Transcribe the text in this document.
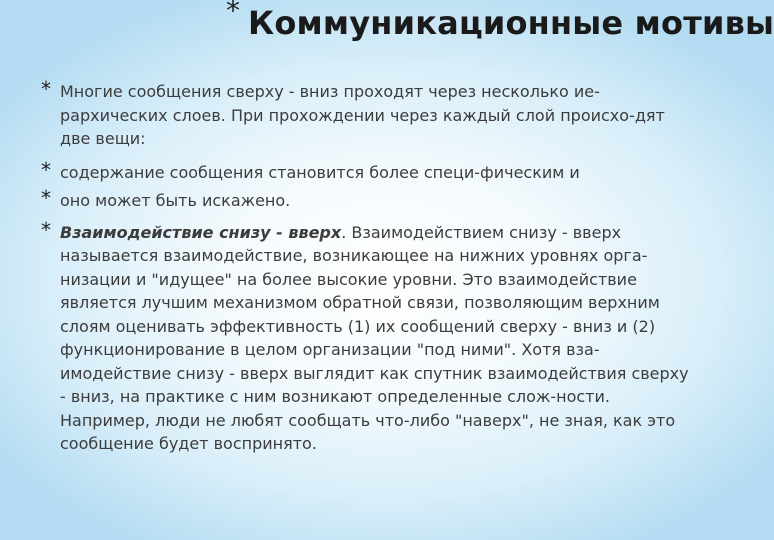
* Коммуникационные мотивы
* Многие сообщения сверху - вниз проходят через несколько ие-рархических слоев. При прохождении через каждый слой происхо-дят две вещи:
* содержание сообщения становится более специ-фическим и
* оно может быть искажено.
* Взаимодействие снизу - вверх. Взаимодействием снизу - вверх называется взаимодействие, возникающее на нижних уровнях орга-низации и "идущее" на более высокие уровни. Это взаимодействие является лучшим механизмом обратной связи, позволяющим верхним слоям оценивать эффективность (1) их сообщений сверху - вниз и (2) функционирование в целом организации "под ними". Хотя вза-имодействие снизу - вверх выглядит как спутник взаимодействия сверху - вниз, на практике с ним возникают определенные слож-ности. Например, люди не любят сообщать что-либо "наверх", не зная, как это сообщение будет воспринято.
